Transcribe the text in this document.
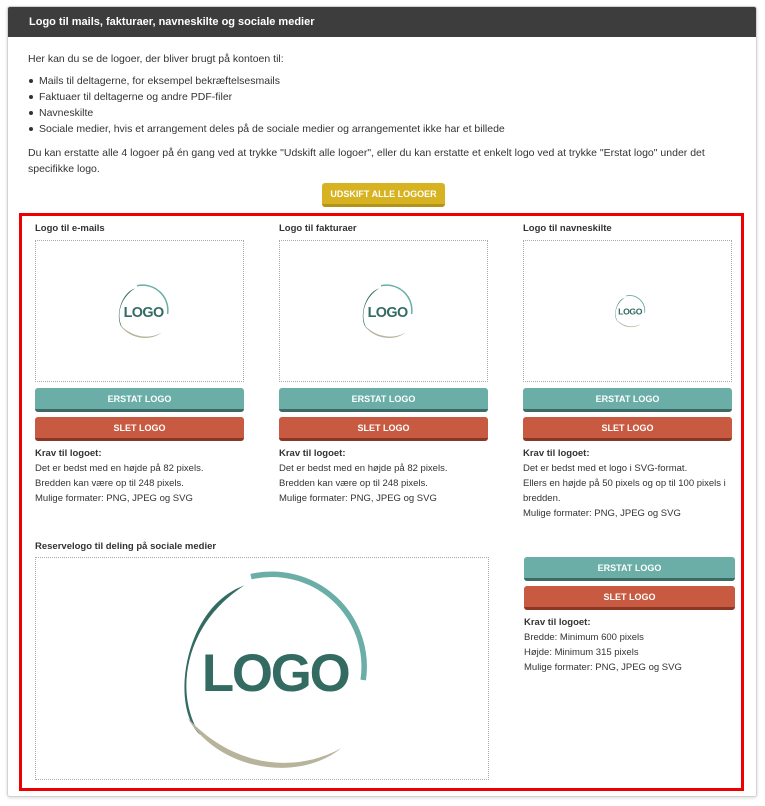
Logo til mails, fakturaer, navneskilte og sociale medier

Her kan du se de logoer, der bliver brugt på kontoen til:

Mails til deltagerne, for eksempel bekræftelsesmails
Faktuaer til deltagerne og andre PDF-filer
Navneskilte
Sociale medier, hvis et arrangement deles på de sociale medier og arrangementet ikke har et billede

Du kan erstatte alle 4 logoer på én gang ved at trykke "Udskift alle logoer", eller du kan erstatte et enkelt logo ved at trykke "Erstat logo" under det specifikke logo.

UDSKIFT ALLE LOGOER
Logo til e-mails
ERSTAT LOGO
SLET LOGO
Krav til logoet:
Det er bedst med en højde på 82 pixels.
Bredden kan være op til 248 pixels.
Mulige formater: PNG, JPEG og SVG
Logo til fakturaer
ERSTAT LOGO
SLET LOGO
Krav til logoet:
Det er bedst med en højde på 82 pixels.
Bredden kan være op til 248 pixels.
Mulige formater: PNG, JPEG og SVG
Logo til navneskilte
ERSTAT LOGO
SLET LOGO
Krav til logoet:
Det er bedst med et logo i SVG-format.
Ellers en højde på 50 pixels og op til 100 pixels i
bredden.
Mulige formater: PNG, JPEG og SVG
Reservelogo til deling på sociale medier
ERSTAT LOGO
SLET LOGO
Krav til logoet:
Bredde: Minimum 600 pixels
Højde: Minimum 315 pixels
Mulige formater: PNG, JPEG og SVG
